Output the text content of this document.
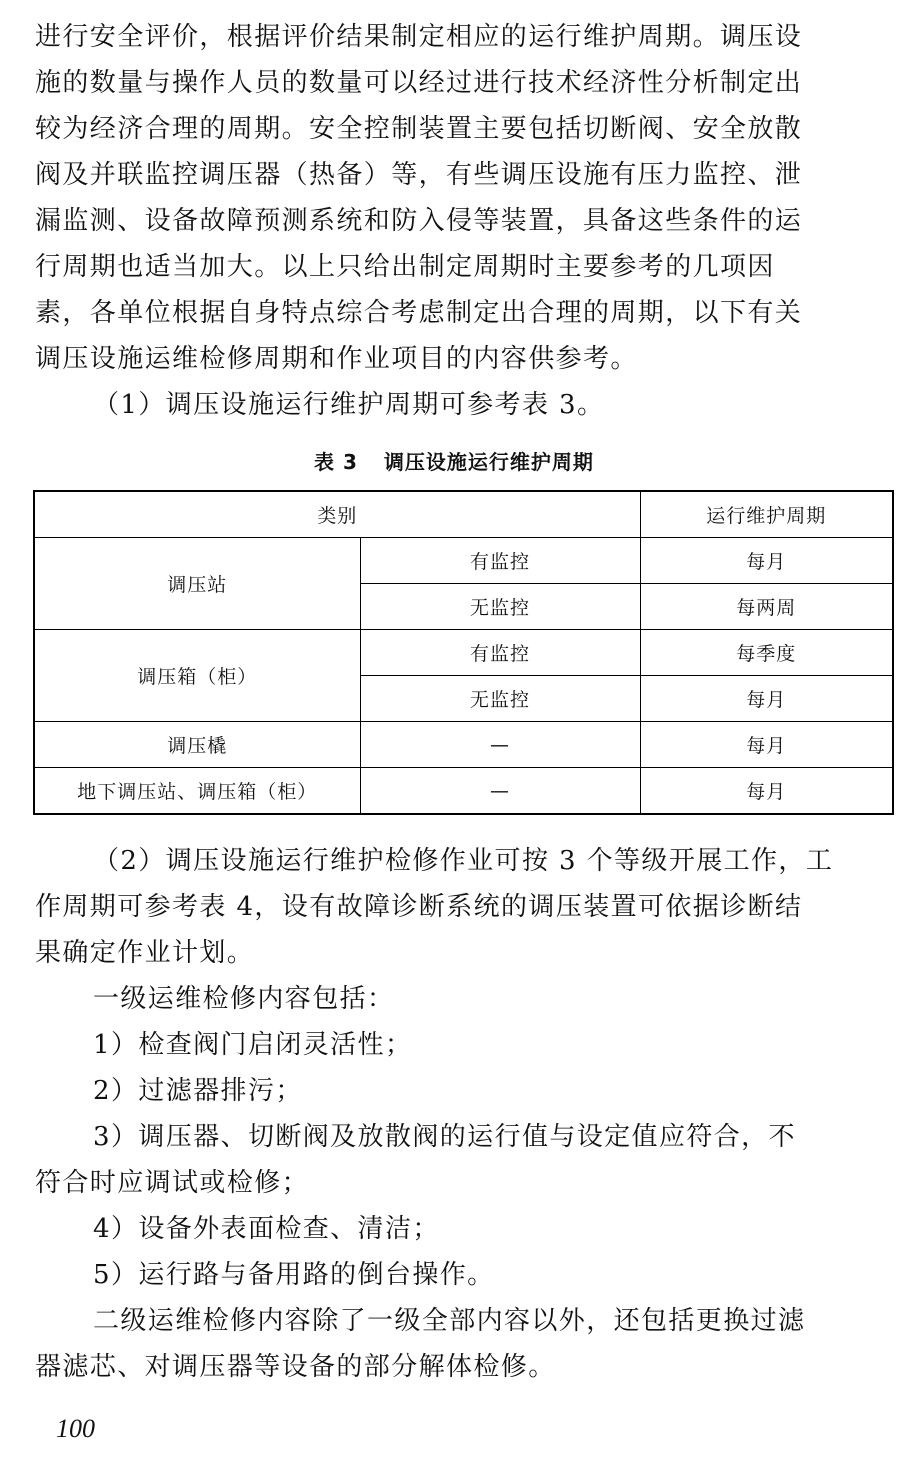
进行安全评价，根据评价结果制定相应的运行维护周期。调压设
施的数量与操作人员的数量可以经过进行技术经济性分析制定出
较为经济合理的周期。安全控制装置主要包括切断阀、安全放散
阀及并联监控调压器（热备）等，有些调压设施有压力监控、泄
漏监测、设备故障预测系统和防入侵等装置，具备这些条件的运
行周期也适当加大。以上只给出制定周期时主要参考的几项因
素，各单位根据自身特点综合考虑制定出合理的周期，以下有关
调压设施运维检修周期和作业项目的内容供参考。
（1）调压设施运行维护周期可参考表 3。
表 3 调压设施运行维护周期
类别		运行维护周期
调压站	有监控	每月
	无监控	每两周
调压箱（柜）	有监控	每季度
	无监控	每月
调压橇	—	每月
地下调压站、调压箱（柜）	—	每月
（2）调压设施运行维护检修作业可按 3 个等级开展工作，工
作周期可参考表 4，设有故障诊断系统的调压装置可依据诊断结
果确定作业计划。
一级运维检修内容包括：
1）检查阀门启闭灵活性；
2）过滤器排污；
3）调压器、切断阀及放散阀的运行值与设定值应符合，不
符合时应调试或检修；
4）设备外表面检查、清洁；
5）运行路与备用路的倒台操作。
二级运维检修内容除了一级全部内容以外，还包括更换过滤
器滤芯、对调压器等设备的部分解体检修。
100
